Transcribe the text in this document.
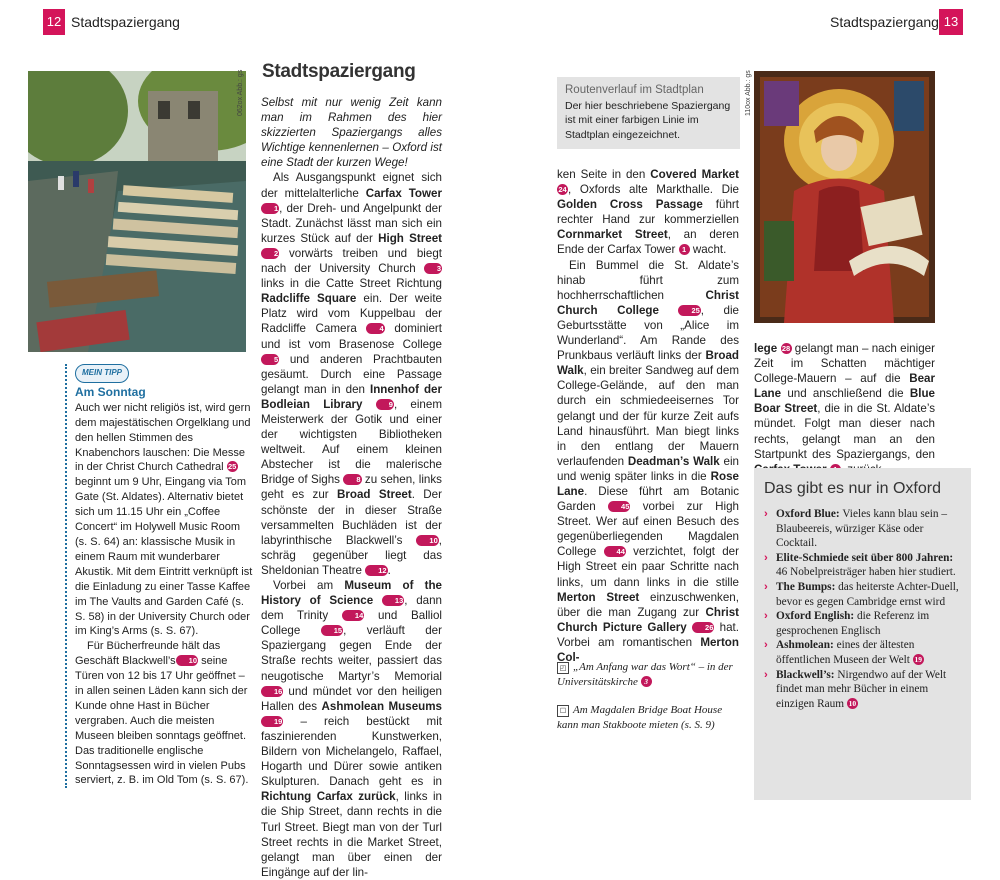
12 Stadtspaziergang	Stadtspaziergang 13
062ox Abb.: gs
MEIN TIPP
Am Sonntag

Auch wer nicht religiös ist, wird gern dem majestätischen Orgelklang und den hellen Stimmen des Knabenchors lauschen: Die Messe in der Christ Church Cathedral 25 beginnt um 9 Uhr, Eingang via Tom Gate (St. Aldates). Alternativ bietet sich um 11.15 Uhr ein „Coffee Concert“ im Holywell Music Room (s. S. 64) an: klassische Musik in einem Raum mit wunderbarer Akustik. Mit dem Eintritt verknüpft ist die Einladung zu einer Tasse Kaffee im The Vaults and Garden Café (s. S. 58) in der University Church oder im King’s Arms (s. S. 67).

Für Bücherfreunde hält das Geschäft Blackwell’s 10 seine Türen von 12 bis 17 Uhr geöffnet – in allen seinen Läden kann sich der Kunde ohne Hast in Bücher vergraben. Auch die meisten Museen bleiben sonntags geöffnet. Das traditionelle englische Sonntagsessen wird in vielen Pubs serviert, z. B. im Old Tom (s. S. 67).

Stadtspaziergang

Selbst mit nur wenig Zeit kann man im Rahmen des hier skizzierten Spaziergangs alles Wichtige kennenlernen – Oxford ist eine Stadt der kurzen Wege!

Als Ausgangspunkt eignet sich der mittelalterliche Carfax Tower 1, der Dreh- und Angelpunkt der Stadt. Zunächst lässt man sich ein kurzes Stück auf der High Street 2 vorwärts treiben und biegt nach der University Church	3 links in die Catte Street Richtung Radcliffe Square ein. Der weite Platz wird vom Kuppelbau der Radcliffe Camera	4 dominiert und ist vom Brasenose College 5 und anderen Prachtbauten gesäumt. Durch eine Passage gelangt man in den Innenhof der Bodleian Library	9, einem Meisterwerk der Gotik und einer der wichtigsten Bibliotheken weltweit. Auf einem kleinen Abstecher ist die malerische Bridge of Sighs 8 zu sehen, links geht es zur Broad Street. Der schönste der in dieser Straße versammelten Buchläden ist der labyrinthische Blackwell’s	10, schräg gegenüber liegt das Sheldonian Theatre 12.

Vorbei am Museum of the History of Science	13, dann dem Trinity	14 und Balliol College	15, verläuft der Spaziergang gegen Ende der Straße rechts weiter, passiert das neugotische Martyr’s Memorial 16 und mündet vor den heiligen Hallen des Ashmolean Museums 19 – reich bestückt mit faszinierenden Kunstwerken, Bildern von Michelangelo, Raffael, Hogarth und Dürer sowie antiken Skulpturen. Danach geht es in Richtung Carfax zurück, links in die Ship Street, dann rechts in die Turl Street. Biegt man von der Turl Street rechts in die Market Street, gelangt man über einen der Eingänge auf der lin-

Routenverlauf im Stadtplan
Der hier beschriebene Spaziergang ist mit einer farbigen Linie im Stadtplan eingezeichnet.

ken Seite in den Covered Market 24, Oxfords alte Markthalle. Die Golden Cross Passage führt rechter Hand zur kommerziellen Cornmarket Street, an deren Ende der Carfax Tower 1 wacht.

Ein Bummel die St. Aldate’s hinab führt zum hochherrschaftlichen	Christ Church College	25, die Geburtsstätte von „Alice im Wunderland“. Am Rande des Prunkbaus verläuft links der Broad Walk, ein breiter Sandweg auf dem College-Gelände, auf den man durch ein schmiedeeisernes Tor gelangt und der für kurze Zeit aufs Land hinausführt. Man biegt links in den entlang der Mauern verlaufenden Deadman’s Walk ein und wenig später links in die Rose Lane. Diese führt am Botanic Garden	45 vorbei zur High Street. Wer auf einen Besuch des gegenüberliegenden Magdalen College	44 verzichtet, folgt der High Street ein paar Schritte nach links, um dann links in die stille Merton Street einzuschwenken, über die man Zugang zur Christ Church Picture Gallery 26 hat. Vorbei am romantischen Merton Col-

◰ „Am Anfang war das Wort“ – in der Universitätskirche 3
☐ Am Magdalen Bridge Boat House kann man Stakboote mieten (s. S. 9)
110ox Abb.: gs

lege 28 gelangt man – nach einiger Zeit im Schatten mächtiger College-Mauern – auf die Bear Lane und anschließend die Blue Boar Street, die in die St. Aldate’s mündet. Folgt man dieser nach rechts, gelangt man an den Startpunkt des Spaziergangs, den

Das gibt es nur in Oxford
› Oxford Blue: Vieles kann blau sein – Blaubeereis, würziger Käse oder Cocktail.
› Elite-Schmiede seit über 800 Jahren: 46 Nobelpreisträger haben hier studiert.
› The Bumps: das heiterste Achter-Duell, bevor es gegen Cambridge ernst wird
› Oxford English: die Referenz im gesprochenen Englisch
› Ashmolean: eines der ältesten öffentlichen Museen der Welt 19
› Blackwell’s: Nirgendwo auf der Welt findet man mehr Bücher in einem einzigen Raum 10
